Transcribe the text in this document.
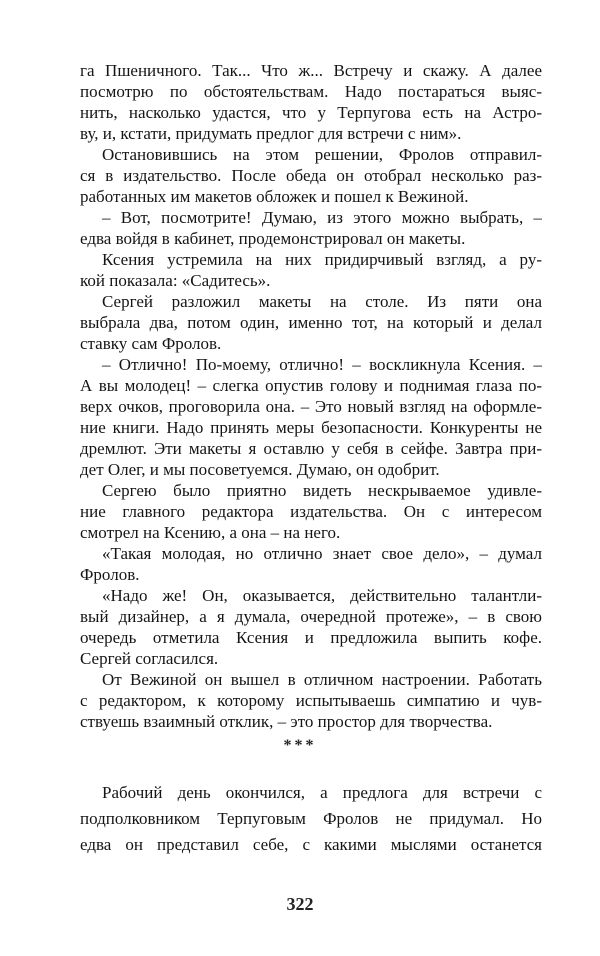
га Пшеничного. Так... Что ж... Встречу и скажу. А далее
посмотрю по обстоятельствам. Надо постараться выяс-
нить, насколько удастся, что у Терпугова есть на Астро-
ву, и, кстати, придумать предлог для встречи с ним».
Остановившись на этом решении, Фролов отправил-
ся в издательство. После обеда он отобрал несколько раз-
работанных им макетов обложек и пошел к Вежиной.
– Вот, посмотрите! Думаю, из этого можно выбрать, –
едва войдя в кабинет, продемонстрировал он макеты.
Ксения устремила на них придирчивый взгляд, а ру-
кой показала: «Садитесь».
Сергей разложил макеты на столе. Из пяти она
выбрала два, потом один, именно тот, на который и делал
ставку сам Фролов.
– Отлично! По-моему, отлично! – воскликнула Ксения. –
А вы молодец! – слегка опустив голову и поднимая глаза по-
верх очков, проговорила она. – Это новый взгляд на оформле-
ние книги. Надо принять меры безопасности. Конкуренты не
дремлют. Эти макеты я оставлю у себя в сейфе. Завтра при-
дет Олег, и мы посоветуемся. Думаю, он одобрит.
Сергею было приятно видеть нескрываемое удивле-
ние главного редактора издательства. Он с интересом
смотрел на Ксению, а она – на него.
«Такая молодая, но отлично знает свое дело», – думал
Фролов.
«Надо же! Он, оказывается, действительно талантли-
вый дизайнер, а я думала, очередной протеже», – в свою
очередь отметила Ксения и предложила выпить кофе.
Сергей согласился.
От Вежиной он вышел в отличном настроении. Работать
с редактором, к которому испытываешь симпатию и чув-
ствуешь взаимный отклик, – это простор для творчества.
***
Рабочий день окончился, а предлога для встречи с
подполковником Терпуговым Фролов не придумал. Но
едва он представил себе, с какими мыслями останется
322
